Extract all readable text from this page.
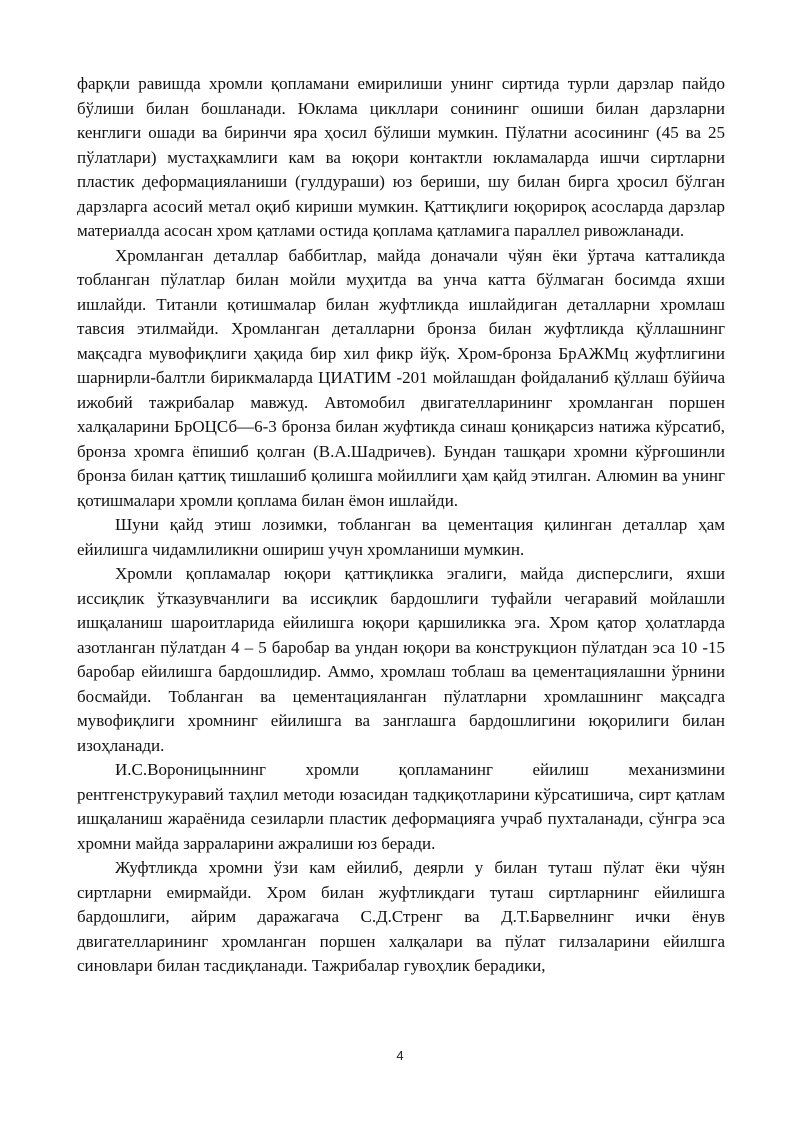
фарқли равишда хромли қопламани емирилиши унинг сиртида турли дарзлар пайдо бўлиши билан бошланади. Юклама цикллари сонининг ошиши билан дарзларни кенглиги ошади ва биринчи яра ҳосил бўлиши мумкин. Пўлатни асосининг (45 ва 25 пўлатлари) мустаҳкамлиги кам ва юқори контактли юкламаларда ишчи сиртларни пластик деформацияланиши (гулдураши) юз бериши, шу билан бирга ҳросил бўлган дарзларга асосий метал оқиб кириши мумкин. Қаттиқлиги юқорироқ асосларда дарзлар материалда асосан хром қатлами остида қоплама қатламига параллел ривожланади.

Хромланган деталлар баббитлар, майда доначали чўян ёки ўртача катталикда тобланган пўлатлар билан мойли муҳитда ва унча катта бўлмаган босимда яхши ишлайди. Титанли қотишмалар билан жуфтликда ишлайдиган деталларни хромлаш тавсия этилмайди. Хромланган деталларни бронза билан жуфтликда қўллашнинг мақсадга мувофиқлиги ҳақида бир хил фикр йўқ. Хром-бронза БрАЖМц жуфтлигини шарнирли-балтли бирикмаларда ЦИАТИМ -201 мойлашдан фойдаланиб қўллаш бўйича ижобий тажрибалар мавжуд. Автомобил двигателларининг хромланган поршен халқаларини БрОЦСб—6-3 бронза билан жуфтикда синаш қониқарсиз натижа кўрсатиб, бронза хромга ёпишиб қолган (В.А.Шадричев). Бундан ташқари хромни кўрғошинли бронза билан қаттиқ тишлашиб қолишга мойиллиги ҳам қайд этилган. Алюмин ва унинг қотишмалари хромли қоплама билан ёмон ишлайди.

Шуни қайд этиш лозимки, тобланган ва цементация қилинган деталлар ҳам ейилишга чидамлиликни ошириш учун хромланиши мумкин.

Хромли қопламалар юқори қаттиқликка эгалиги, майда дисперслиги, яхши иссиқлик ўтказувчанлиги ва иссиқлик бардошлиги туфайли чегаравий мойлашли ишқаланиш шароитларида ейилишга юқори қаршиликка эга. Хром қатор ҳолатларда азотланган пўлатдан 4 – 5 баробар ва ундан юқори ва конструкцион пўлатдан эса 10 -15 баробар ейилишга бардошлидир. Аммо, хромлаш тоблаш ва цементациялашни ўрнини босмайди. Тобланган ва цементацияланган пўлатларни хромлашнинг мақсадга мувофиқлиги хромнинг ейилишга ва занглашга бардошлигини юқорилиги билан изоҳланади.

И.С.Вороницыннинг хромли қопламанинг ейилиш механизмини рентгенструкуравий таҳлил методи юзасидан тадқиқотларини кўрсатишича, сирт қатлам ишқаланиш жараёнида сезиларли пластик деформацияга учраб пухталанади, сўнгра эса хромни майда зарраларини ажралиши юз беради.

Жуфтликда хромни ўзи кам ейилиб, деярли у билан туташ пўлат ёки чўян сиртларни емирмайди. Хром билан жуфтликдаги туташ сиртларнинг ейилишга бардошлиги, айрим даражагача С.Д.Стренг ва Д.Т.Барвелнинг ички ёнув двигателларининг хромланган поршен халқалари ва пўлат гилзаларини ейилшга синовлари билан тасдиқланади. Тажрибалар гувоҳлик берадики,

4
